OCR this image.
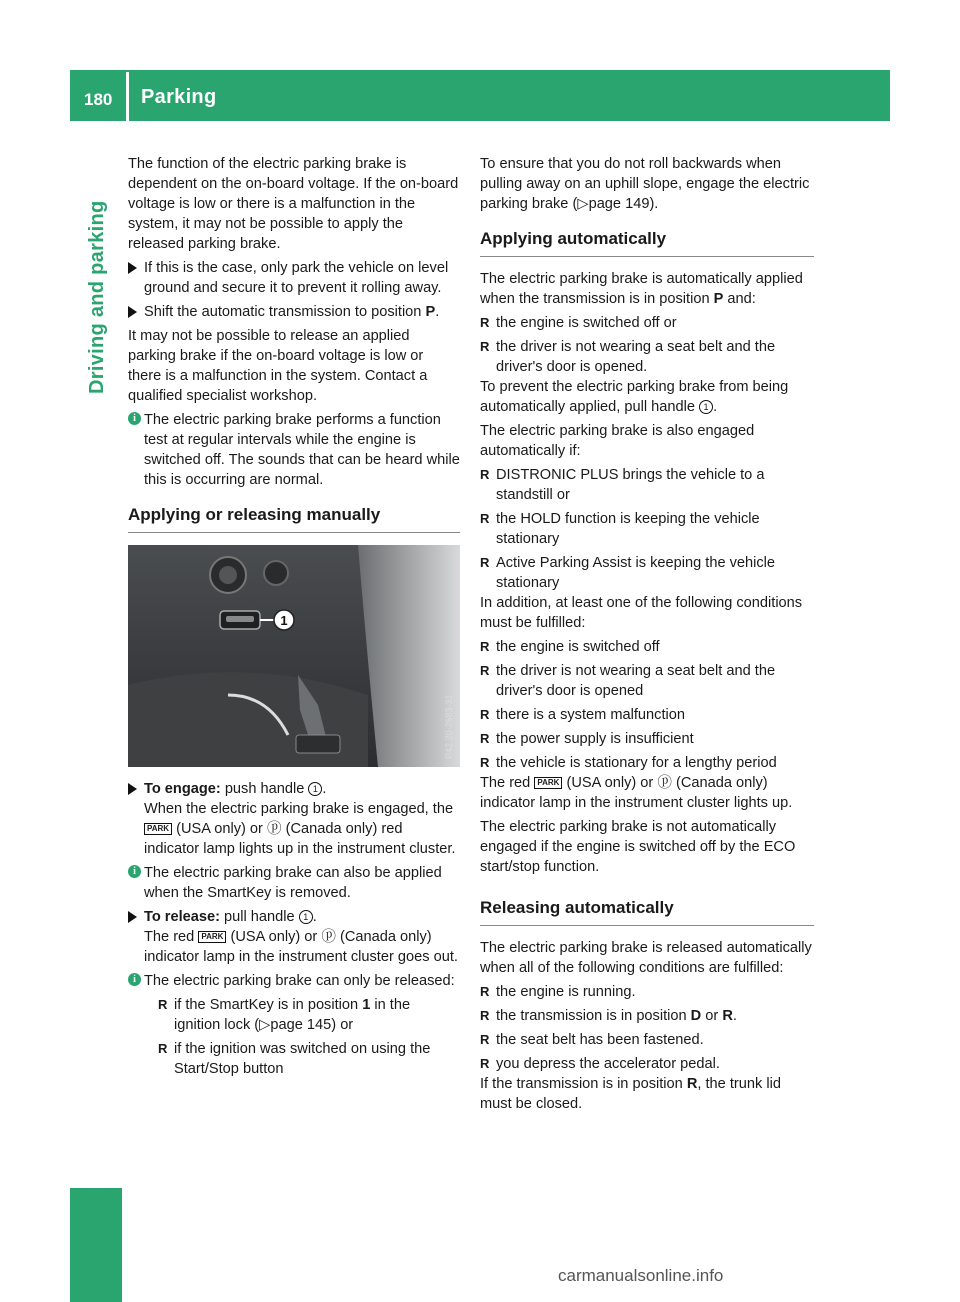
180 Parking
Driving and parking

The function of the electric parking brake is dependent on the on-board voltage. If the on-board voltage is low or there is a malfunction in the system, it may not be possible to apply the released parking brake.

If this is the case, only park the vehicle on level ground and secure it to prevent it rolling away.
Shift the automatic transmission to position P.

It may not be possible to release an applied parking brake if the on-board voltage is low or there is a malfunction in the system. Contact a qualified specialist workshop.

i The electric parking brake performs a function test at regular intervals while the engine is switched off. The sounds that can be heard while this is occurring are normal.
Applying or releasing manually
1
P42.20-2683-31
To engage: push handle 1 .
When the electric parking brake is engaged, the PARK (USA only) or ⓟ (Canada only) red indicator lamp lights up in the instrument cluster.
i The electric parking brake can also be applied when the SmartKey is removed.
To release: pull handle 1 .
The red PARK (USA only) or ⓟ (Canada only) indicator lamp in the instrument cluster goes out.
i The electric parking brake can only be released:
R if the SmartKey is in position 1 in the ignition lock (▷page 145) or
R if the ignition was switched on using the Start/Stop button

To ensure that you do not roll backwards when pulling away on an uphill slope, engage the electric parking brake (▷page 149).

Applying automatically

The electric parking brake is automatically applied when the transmission is in position P and:

R the engine is switched off or
R the driver is not wearing a seat belt and the driver's door is opened.

To prevent the electric parking brake from being automatically applied, pull handle 1 .

The electric parking brake is also engaged automatically if:

R DISTRONIC PLUS brings the vehicle to a standstill or
R the HOLD function is keeping the vehicle stationary
R Active Parking Assist is keeping the vehicle stationary

In addition, at least one of the following conditions must be fulfilled:

R the engine is switched off
R the driver is not wearing a seat belt and the driver's door is opened
R there is a system malfunction
R the power supply is insufficient
R the vehicle is stationary for a lengthy period

The red PARK (USA only) or ⓟ (Canada only) indicator lamp in the instrument cluster lights up.

The electric parking brake is not automatically engaged if the engine is switched off by the ECO start/stop function.

Releasing automatically

The electric parking brake is released automatically when all of the following conditions are fulfilled:

R the engine is running.
R the transmission is in position D or R.
R the seat belt has been fastened.
R you depress the accelerator pedal.

If the transmission is in position R, the trunk lid must be closed.

carmanualsonline.info
